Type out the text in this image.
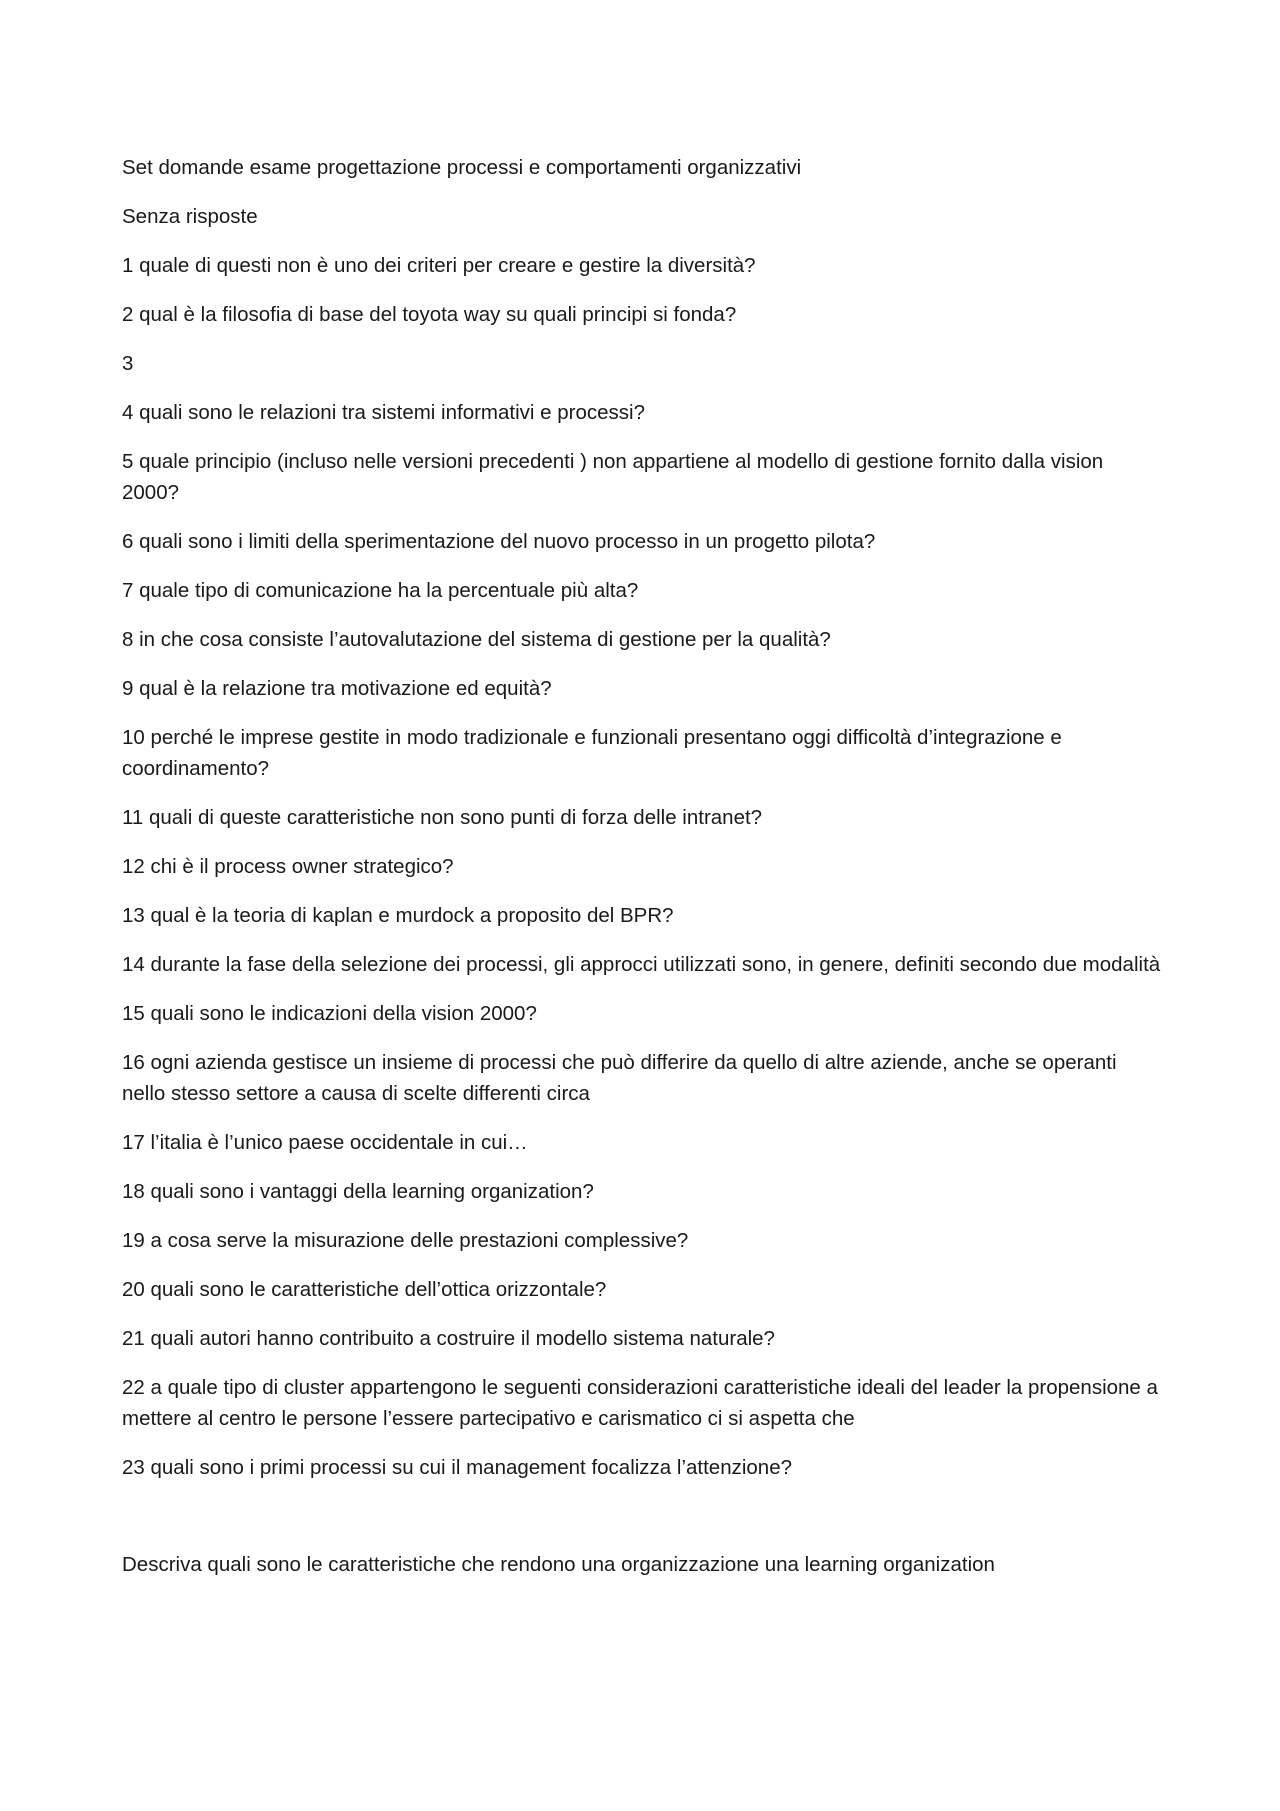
Set domande esame progettazione processi e comportamenti organizzativi

Senza risposte

1 quale di questi non è uno dei criteri per creare e gestire la diversità?

2 qual è la filosofia di base del toyota way su quali principi si fonda?

3

4 quali sono le relazioni tra sistemi informativi e processi?

5 quale principio (incluso nelle versioni precedenti ) non appartiene al modello di gestione fornito dalla vision 2000?

6 quali sono i limiti della sperimentazione del nuovo processo in un progetto pilota?

7 quale tipo di comunicazione ha la percentuale più alta?

8 in che cosa consiste l’autovalutazione del sistema di gestione per la qualità?

9 qual è la relazione tra motivazione ed equità?

10 perché le imprese gestite in modo tradizionale e funzionali presentano oggi difficoltà d’integrazione e coordinamento?

11 quali di queste caratteristiche non sono punti di forza delle intranet?

12 chi è il process owner strategico?

13 qual è la teoria di kaplan e murdock a proposito del BPR?

14 durante la fase della selezione dei processi, gli approcci utilizzati sono, in genere, definiti secondo due modalità

15 quali sono le indicazioni della vision 2000?

16 ogni azienda gestisce un insieme di processi che può differire da quello di altre aziende, anche se operanti nello stesso settore a causa di scelte differenti circa

17 l’italia è l’unico paese occidentale in cui…

18 quali sono i vantaggi della learning organization?

19 a cosa serve la misurazione delle prestazioni complessive?

20 quali sono le caratteristiche dell’ottica orizzontale?

21 quali autori hanno contribuito a costruire il modello sistema naturale?

22 a quale tipo di cluster appartengono le seguenti considerazioni caratteristiche ideali del leader la propensione a mettere al centro le persone l’essere partecipativo e carismatico ci si aspetta che

23 quali sono i primi processi su cui il management focalizza l’attenzione?

Descriva quali sono le caratteristiche che rendono una organizzazione una learning organization
